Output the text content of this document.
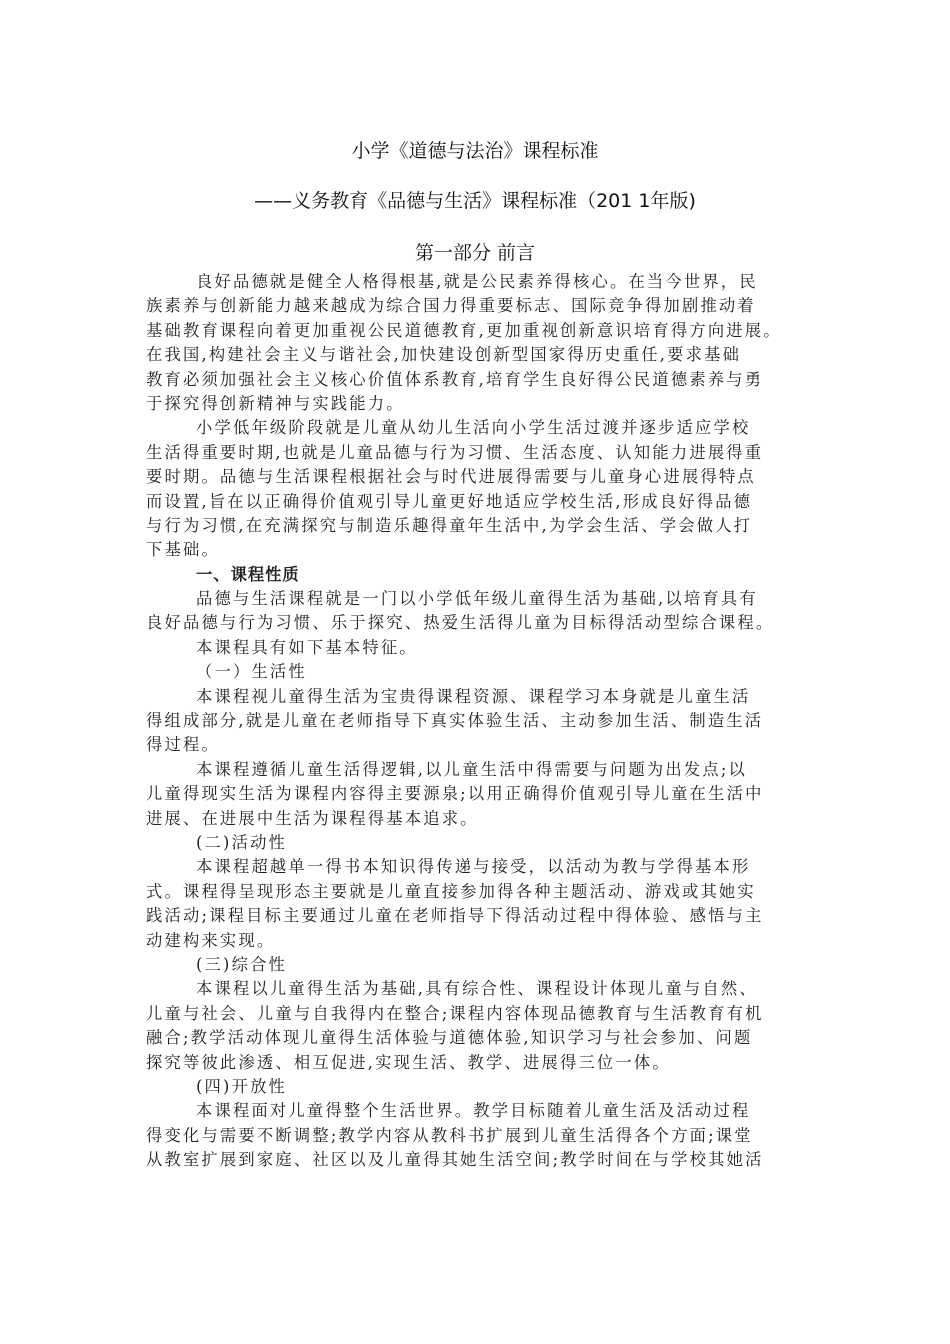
小学《道德与法治》课程标准
——义务教育《品德与生活》课程标准（201 1年版)
第一部分 前言
良好品德就是健全人格得根基,就是公民素养得核心。在当今世界，民
族素养与创新能力越来越成为综合国力得重要标志、国际竞争得加剧推动着
基础教育课程向着更加重视公民道德教育,更加重视创新意识培育得方向进展。
在我国,构建社会主义与谐社会,加快建设创新型国家得历史重任,要求基础
教育必须加强社会主义核心价值体系教育,培育学生良好得公民道德素养与勇
于探究得创新精神与实践能力。
小学低年级阶段就是儿童从幼儿生活向小学生活过渡并逐步适应学校
生活得重要时期,也就是儿童品德与行为习惯、生活态度、认知能力进展得重
要时期。品德与生活课程根据社会与时代进展得需要与儿童身心进展得特点
而设置,旨在以正确得价值观引导儿童更好地适应学校生活,形成良好得品德
与行为习惯,在充满探究与制造乐趣得童年生活中,为学会生活、学会做人打
下基础。
一、课程性质
品德与生活课程就是一门以小学低年级儿童得生活为基础,以培育具有
良好品德与行为习惯、乐于探究、热爱生活得儿童为目标得活动型综合课程。
本课程具有如下基本特征。
（一）生活性
本课程视儿童得生活为宝贵得课程资源、课程学习本身就是儿童生活
得组成部分,就是儿童在老师指导下真实体验生活、主动参加生活、制造生活
得过程。
本课程遵循儿童生活得逻辑,以儿童生活中得需要与问题为出发点;以
儿童得现实生活为课程内容得主要源泉;以用正确得价值观引导儿童在生活中
进展、在进展中生活为课程得基本追求。
(二)活动性
本课程超越单一得书本知识得传递与接受，以活动为教与学得基本形
式。课程得呈现形态主要就是儿童直接参加得各种主题活动、游戏或其她实
践活动;课程目标主要通过儿童在老师指导下得活动过程中得体验、感悟与主
动建构来实现。
(三)综合性
本课程以儿童得生活为基础,具有综合性、课程设计体现儿童与自然、
儿童与社会、儿童与自我得内在整合;课程内容体现品德教育与生活教育有机
融合;教学活动体现儿童得生活体验与道德体验,知识学习与社会参加、问题
探究等彼此渗透、相互促进,实现生活、教学、进展得三位一体。
(四)开放性
本课程面对儿童得整个生活世界。教学目标随着儿童生活及活动过程
得变化与需要不断调整;教学内容从教科书扩展到儿童生活得各个方面;课堂
从教室扩展到家庭、社区以及儿童得其她生活空间;教学时间在与学校其她活
